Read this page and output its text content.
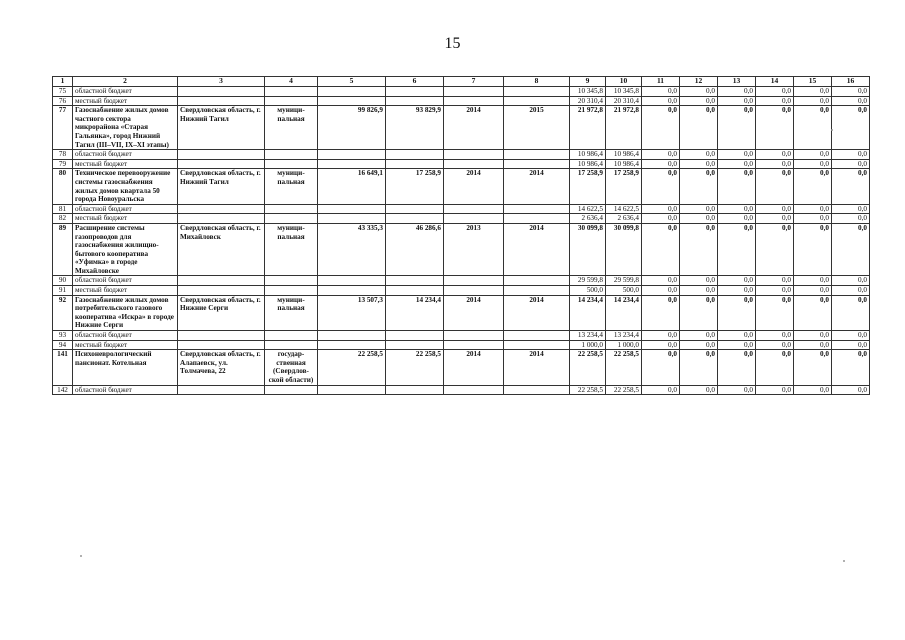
15
1	2	3	4	5	6	7	8	9	10	11	12	13	14	15	16
75	областной бюджет							10 345,8	10 345,8	0,0	0,0	0,0	0,0	0,0	0,0
76	местный бюджет							20 310,4	20 310,4	0,0	0,0	0,0	0,0	0,0	0,0
77	Газоснабжение жилых домов частного сектора микрорайона «Старая Гальянка», город Нижний Тагил (III–VII, IX–XI этапы)	Свердловская область, г. Нижний Тагил	муници-пальная	99 826,9	93 829,9	2014	2015	21 972,8	21 972,8	0,0	0,0	0,0	0,0	0,0	0,0
78	областной бюджет							10 986,4	10 986,4	0,0	0,0	0,0	0,0	0,0	0,0
79	местный бюджет							10 986,4	10 986,4	0,0	0,0	0,0	0,0	0,0	0,0
80	Техническое перевооружение системы газоснабжения жилых домов квартала 50 города Новоуральска	Свердловская область, г. Нижний Тагил	муници-пальная	16 649,1	17 258,9	2014	2014	17 258,9	17 258,9	0,0	0,0	0,0	0,0	0,0	0,0
81	областной бюджет							14 622,5	14 622,5	0,0	0,0	0,0	0,0	0,0	0,0
82	местный бюджет							2 636,4	2 636,4	0,0	0,0	0,0	0,0	0,0	0,0
89	Расширение системы газопроводов для газоснабжения жилищно-бытового кооператива «Уфимка» в городе Михайловске	Свердловская область, г. Михайловск	муници-пальная	43 335,3	46 286,6	2013	2014	30 099,8	30 099,8	0,0	0,0	0,0	0,0	0,0	0,0
90	областной бюджет							29 599,8	29 599,8	0,0	0,0	0,0	0,0	0,0	0,0
91	местный бюджет							500,0	500,0	0,0	0,0	0,0	0,0	0,0	0,0
92	Газоснабжение жилых домов потребительского газового кооператива «Искра» в городе Нижние Серги	Свердловская область, г. Нижние Серги	муници-пальная	13 507,3	14 234,4	2014	2014	14 234,4	14 234,4	0,0	0,0	0,0	0,0	0,0	0,0
93	областной бюджет							13 234,4	13 234,4	0,0	0,0	0,0	0,0	0,0	0,0
94	местный бюджет							1 000,0	1 000,0	0,0	0,0	0,0	0,0	0,0	0,0
141	Психоневрологический пансионат. Котельная	Свердловская область, г. Алапаевск, ул. Толмачева, 22	государ-ственная (Свердлов-ской области)	22 258,5	22 258,5	2014	2014	22 258,5	22 258,5	0,0	0,0	0,0	0,0	0,0	0,0
142	областной бюджет							22 258,5	22 258,5	0,0	0,0	0,0	0,0	0,0	0,0
